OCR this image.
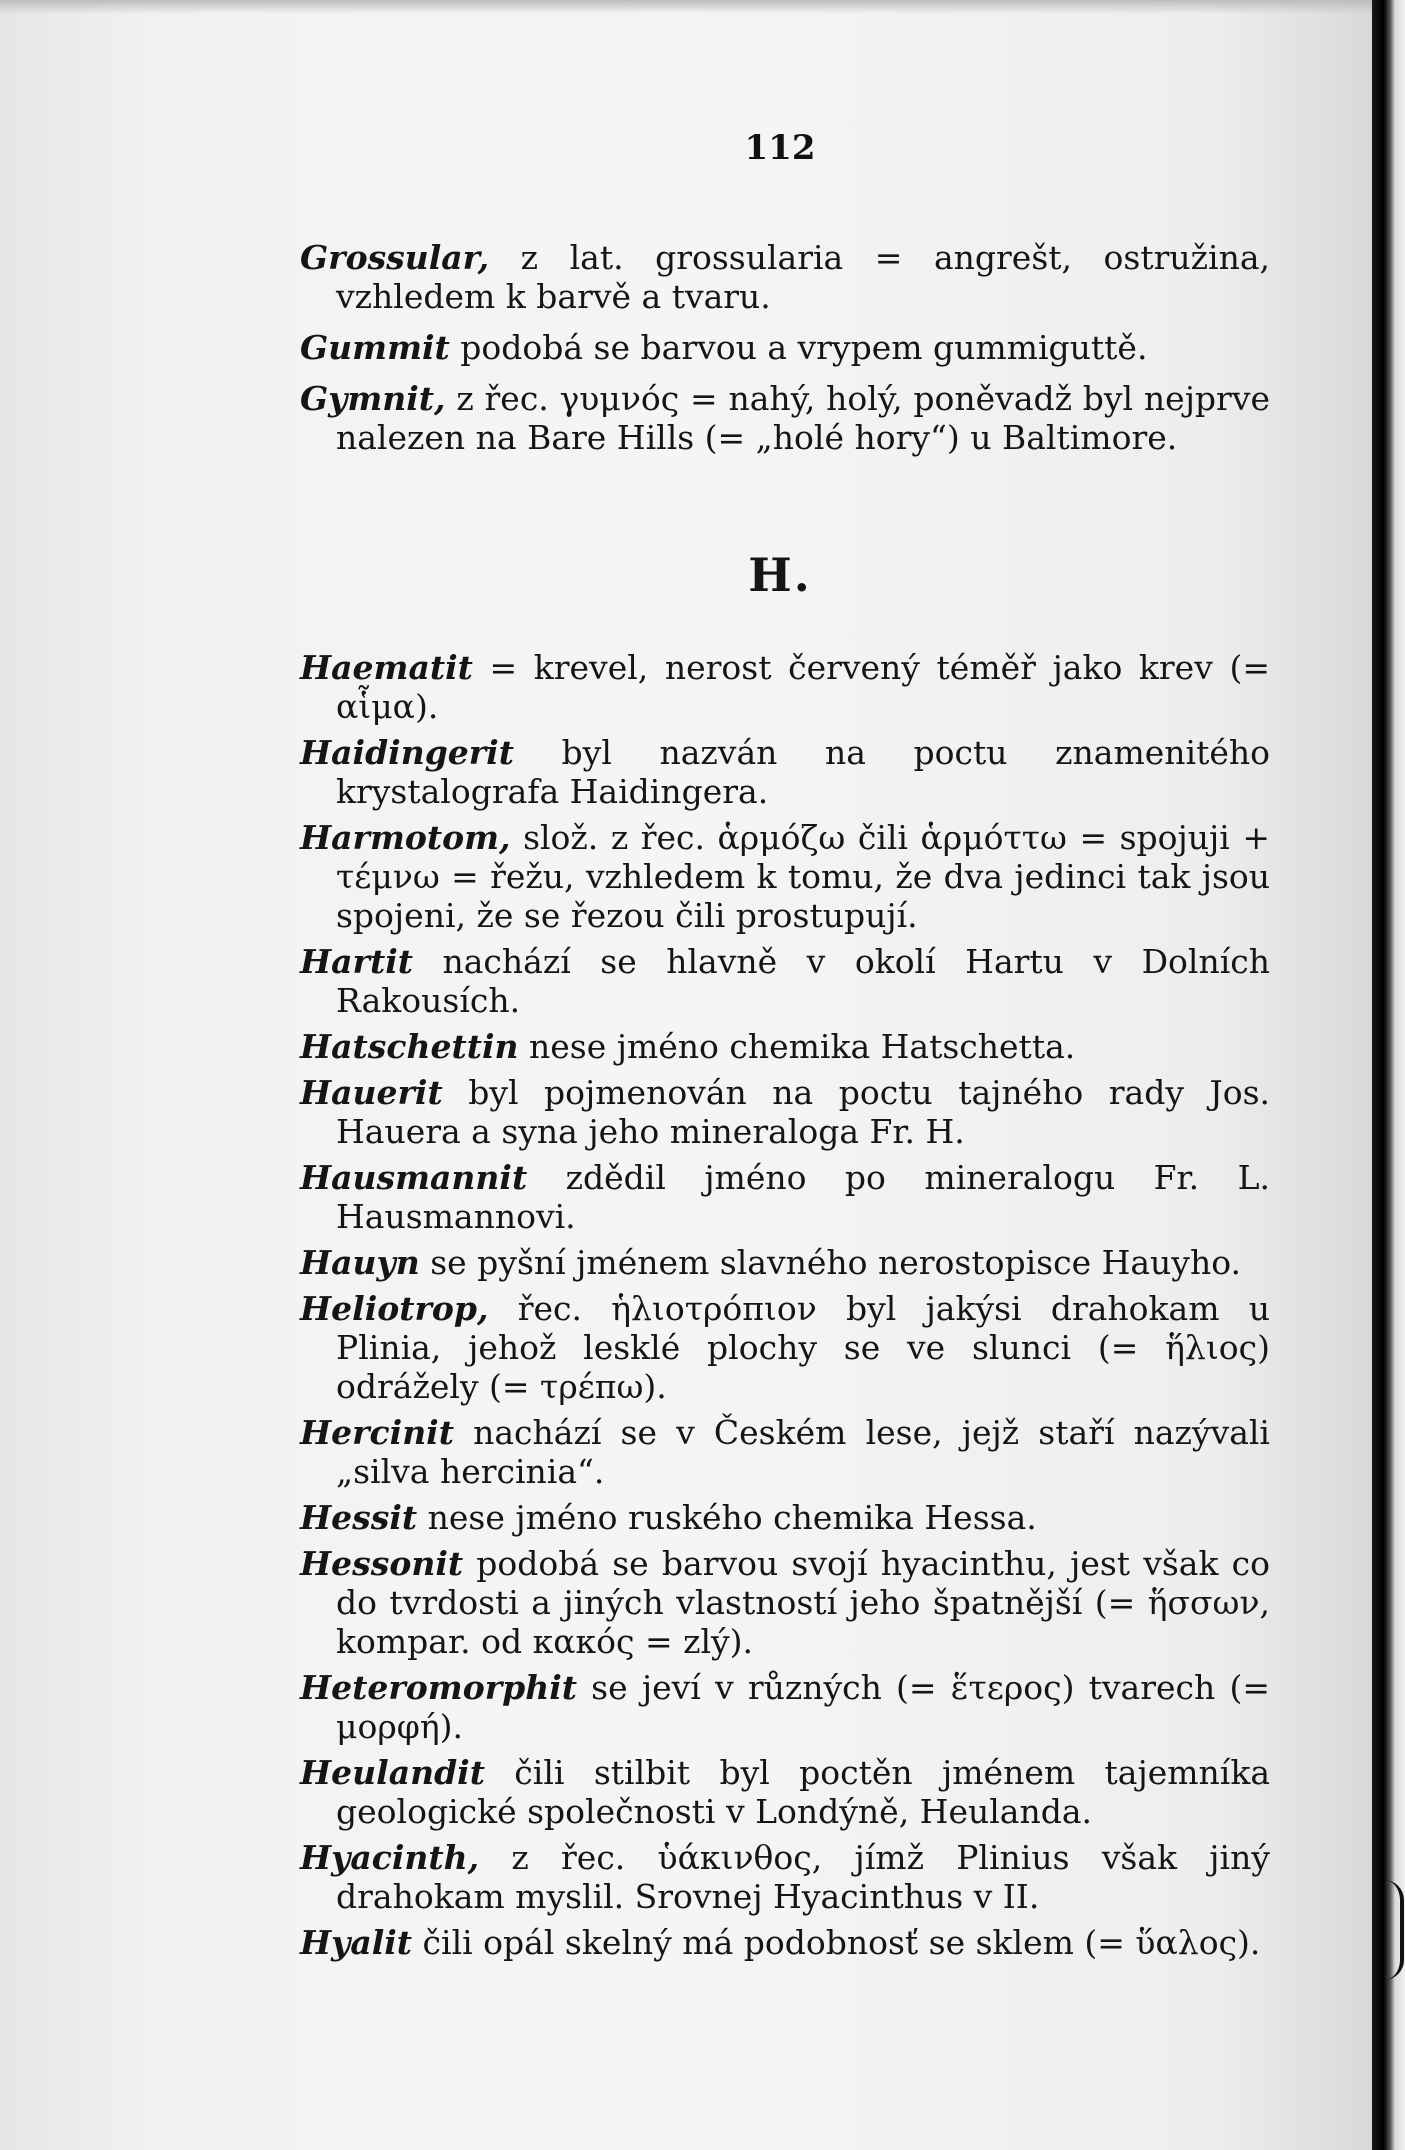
112

Grossular, z lat. grossularia = angrešt, ostružina, vzhledem k barvě a tvaru.

Gummit podobá se barvou a vrypem gummiguttě.

Gymnit, z řec. γυμνός = nahý, holý, poněvadž byl nejprve nalezen na Bare Hills (= „holé hory“) u Baltimore.

H.

Haematit = krevel, nerost červený téměř jako krev (= αἷμα).

Haidingerit byl nazván na poctu znamenitého krystalografa Haidingera.

Harmotom, slož. z řec. ἁρμόζω čili ἁρμόττω = spojuji + τέμνω = řežu, vzhledem k tomu, že dva jedinci tak jsou spojeni, že se řezou čili prostupují.

Hartit nachází se hlavně v okolí Hartu v Dolních Rakousích.

Hatschettin nese jméno chemika Hatschetta.

Hauerit byl pojmenován na poctu tajného rady Jos. Hauera a syna jeho mineraloga Fr. H.

Hausmannit zdědil jméno po mineralogu Fr. L. Hausmannovi.

Hauyn se pyšní jménem slavného nerostopisce Hauyho.

Heliotrop, řec. ἡλιοτρόπιον byl jakýsi drahokam u Plinia, jehož lesklé plochy se ve slunci (= ἥλιος) odrážely (= τρέπω).

Hercinit nachází se v Českém lese, jejž staří nazývali „silva hercinia“.

Hessit nese jméno ruského chemika Hessa.

Hessonit podobá se barvou svojí hyacinthu, jest však co do tvrdosti a jiných vlastností jeho špatnější (= ἥσσων, kompar. od κακός = zlý).

Heteromorphit se jeví v různých (= ἕτερος) tvarech (= μορφή).

Heulandit čili stilbit byl poctěn jménem tajemníka geologické společnosti v Londýně, Heulanda.

Hyacinth, z řec. ὑάκινθος, jímž Plinius však jiný drahokam myslil. Srovnej Hyacinthus v II.

Hyalit čili opál skelný má podobnosť se sklem (= ὕαλος).
